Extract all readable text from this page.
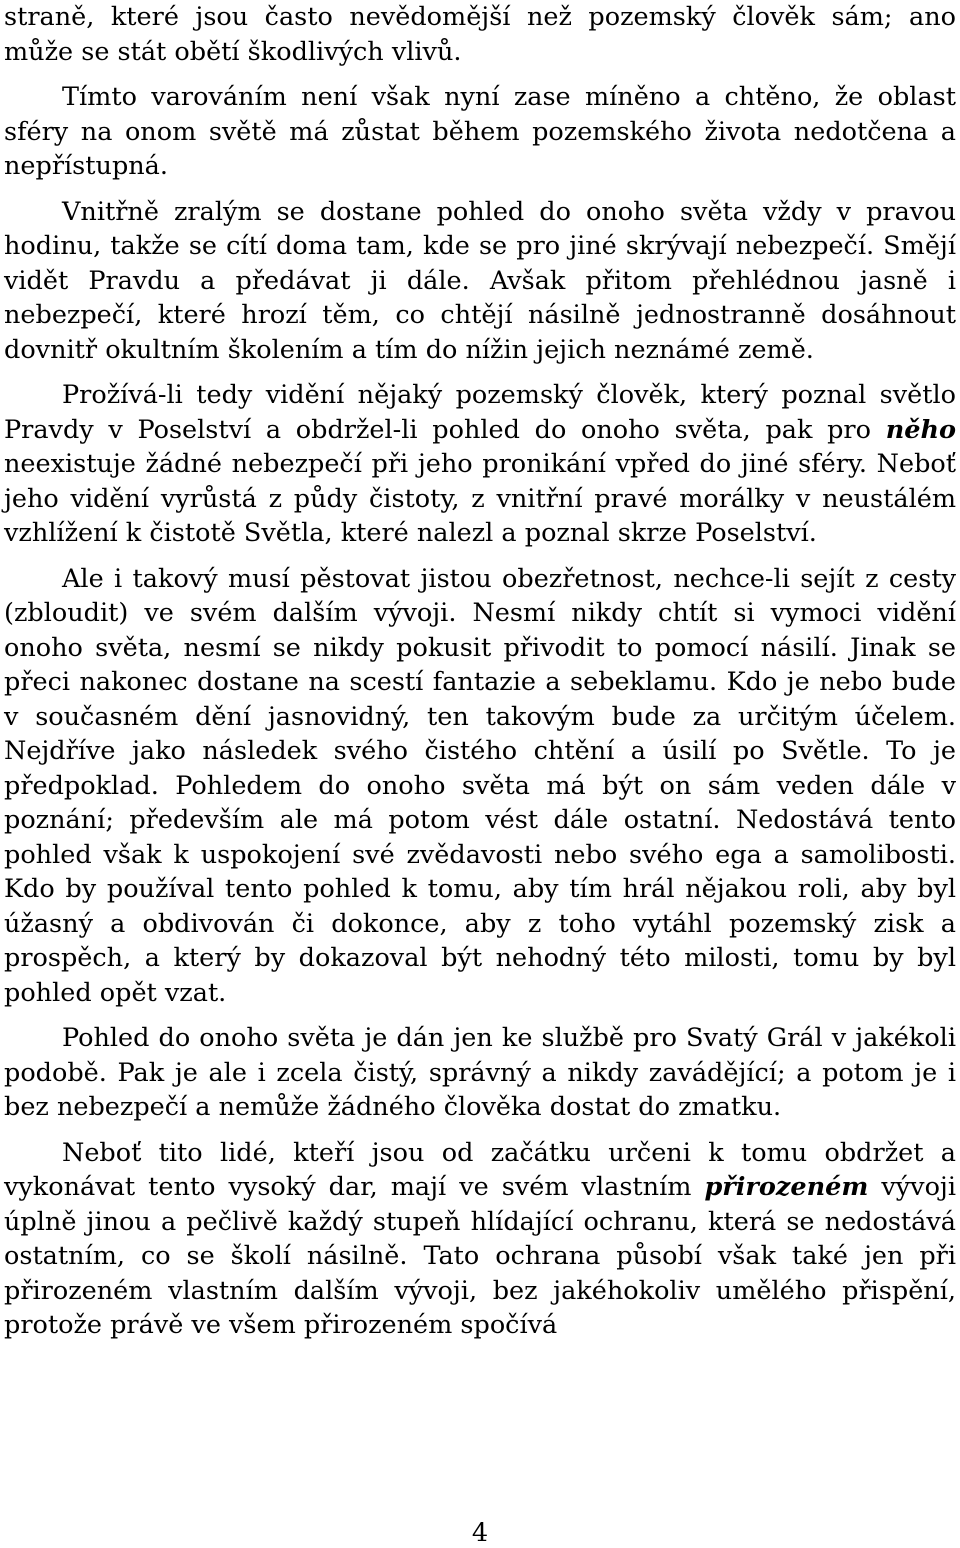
straně, které jsou často nevědomější než pozemský člověk sám; ano může se stát obětí škodlivých vlivů.

Tímto varováním není však nyní zase míněno a chtěno, že oblast sféry na onom světě má zůstat během pozemského života nedotčena a nepřístupná.

Vnitřně zralým se dostane pohled do onoho světa vždy v pravou hodinu, takže se cítí doma tam, kde se pro jiné skrývají nebezpečí. Smějí vidět Pravdu a předávat ji dále. Avšak přitom přehlédnou jasně i nebezpečí, které hrozí těm, co chtějí násilně jednostranně dosáhnout dovnitř okultním školením a tím do nížin jejich neznámé země.

Prožívá-li tedy vidění nějaký pozemský člověk, který poznal světlo Pravdy v Poselství a obdržel-li pohled do onoho světa, pak pro něho neexistuje žádné nebezpečí při jeho pronikání vpřed do jiné sféry. Neboť jeho vidění vyrůstá z půdy čistoty, z vnitřní pravé morálky v neustálém vzhlížení k čistotě Světla, které nalezl a poznal skrze Poselství.

Ale i takový musí pěstovat jistou obezřetnost, nechce-li sejít z cesty (zbloudit) ve svém dalším vývoji. Nesmí nikdy chtít si vymoci vidění onoho světa, nesmí se nikdy pokusit přivodit to pomocí násilí. Jinak se přeci nakonec dostane na scestí fantazie a sebeklamu. Kdo je nebo bude v současném dění jasnovidný, ten takovým bude za určitým účelem. Nejdříve jako následek svého čistého chtění a úsilí po Světle. To je předpoklad. Pohledem do onoho světa má být on sám veden dále v poznání; především ale má potom vést dále ostatní. Nedostává tento pohled však k uspokojení své zvědavosti nebo svého ega a samolibosti. Kdo by používal tento pohled k tomu, aby tím hrál nějakou roli, aby byl úžasný a obdivován či dokonce, aby z toho vytáhl pozemský zisk a prospěch, a který by dokazoval být nehodný této milosti, tomu by byl pohled opět vzat.

Pohled do onoho světa je dán jen ke službě pro Svatý Grál v jakékoli podobě. Pak je ale i zcela čistý, správný a nikdy zavádějící; a potom je i bez nebezpečí a nemůže žádného člověka dostat do zmatku.

Neboť tito lidé, kteří jsou od začátku určeni k tomu obdržet a vykonávat tento vysoký dar, mají ve svém vlastním přirozeném vývoji úplně jinou a pečlivě každý stupeň hlídající ochranu, která se nedostává ostatním, co se školí násilně. Tato ochrana působí však také jen při přirozeném vlastním dalším vývoji, bez jakéhokoliv umělého přispění, protože právě ve všem přirozeném spočívá

4
